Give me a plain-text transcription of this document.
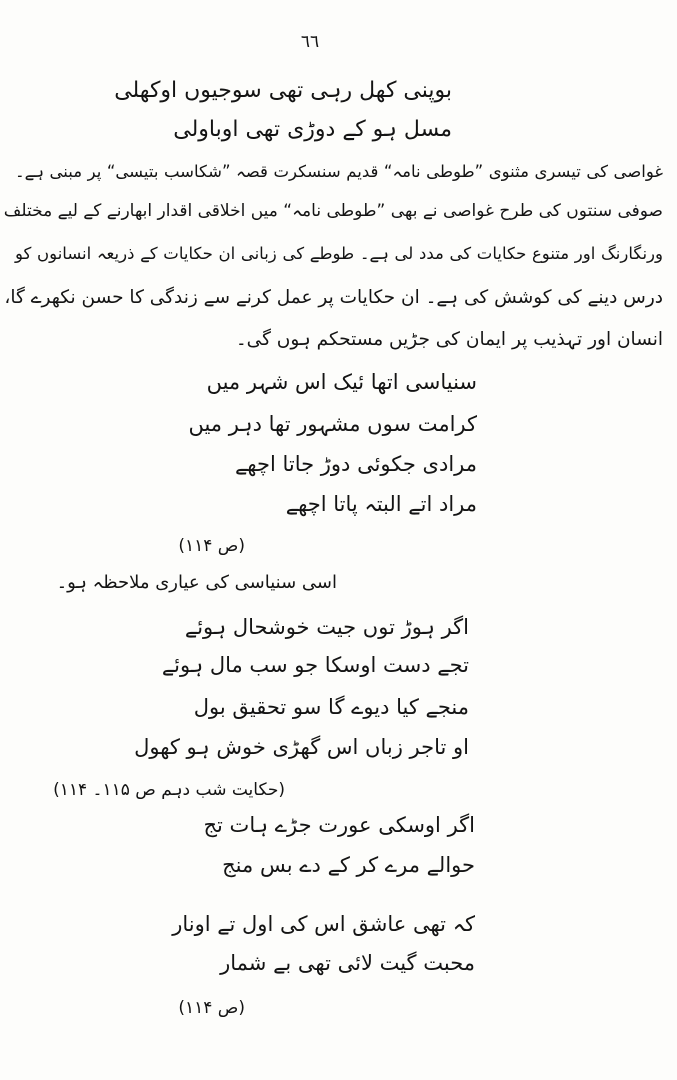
٦٦
بوپنی کھل رہی تھی سوجیوں اوکھلی
مسل ہو کے دوڑی تھی اوباولی
غواصی کی تیسری مثنوی ”طوطی نامہ“ قدیم سنسکرت قصہ ”شکاسب بتیسی“ پر مبنی ہے۔
صوفی سنتوں کی طرح غواصی نے بھی ”طوطی نامہ“ میں اخلاقی اقدار ابھارنے کے لیے مختلف
ورنگارنگ اور متنوع حکایات کی مدد لی ہے۔ طوطے کی زبانی ان حکایات کے ذریعہ انسانوں کو
درس دینے کی کوشش کی ہے۔ ان حکایات پر عمل کرنے سے زندگی کا حسن نکھرے گا،
انسان اور تہذیب پر ایمان کی جڑیں مستحکم ہوں گی۔
سنیاسی اتھا ئیک اس شہر میں
کرامت سوں مشہور تھا دہر میں
مرادی جکوئی دوڑ جاتا اچھے
مراد اتے البتہ پاتا اچھے
(ص ۱۱۴)
اسی سنیاسی کی عیاری ملاحظہ ہو۔
اگر ہوڑ توں جیت خوشحال ہوئے
تجے دست اوسکا جو سب مال ہوئے
منجے کیا دیوے گا سو تحقیق بول
او تاجر زباں اس گھڑی خوش ہو کھول
(حکایت شب دہم ص ۱۱۵۔ ۱۱۴)
اگر اوسکی عورت جڑے ہات تج
حوالے مرے کر کے دے بس منج
کہ تھی عاشق اس کی اول تے اونار
محبت گیت لائی تھی بے شمار
(ص ۱۱۴)
